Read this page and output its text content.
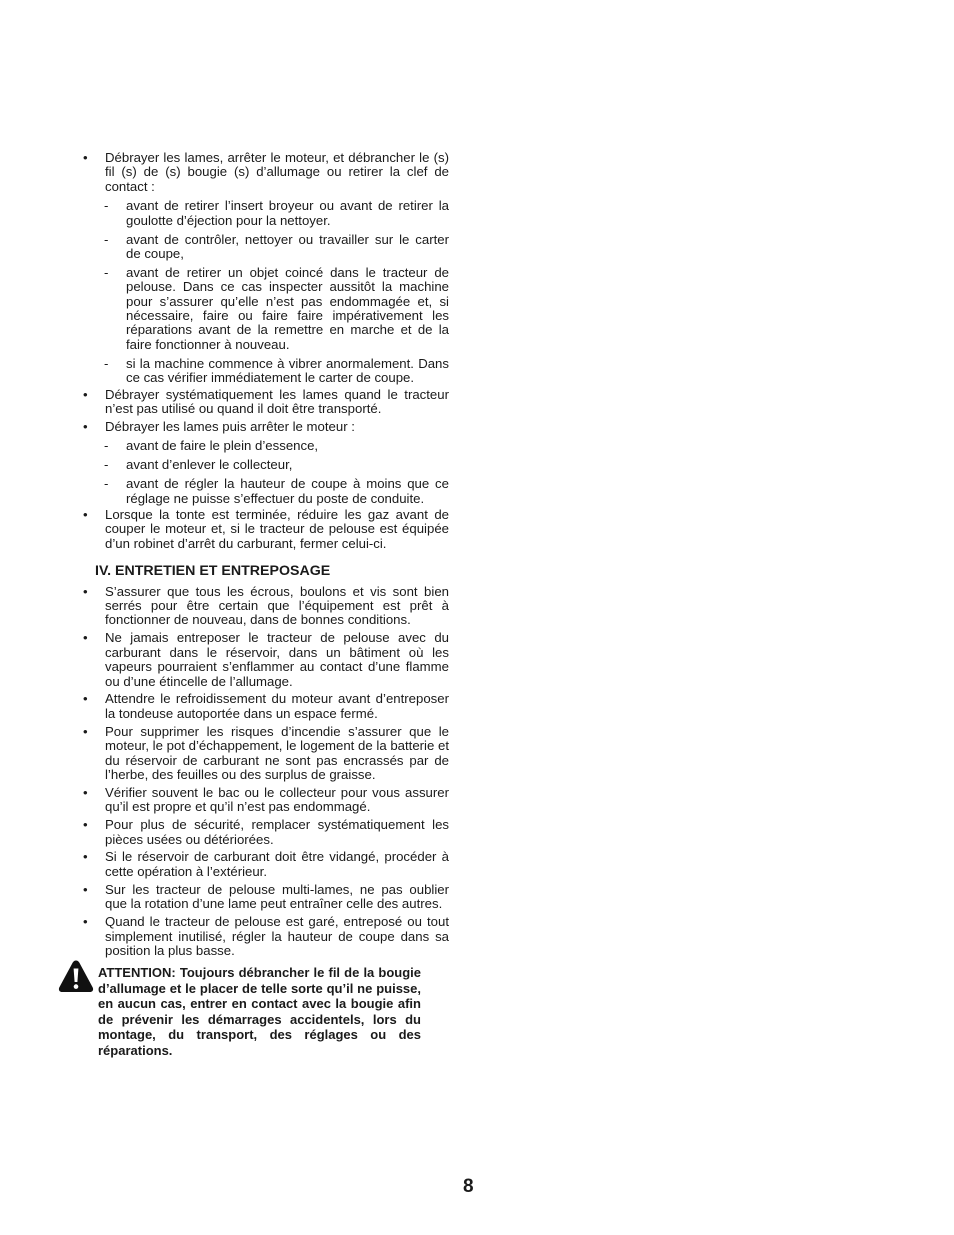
• Débrayer les lames, arrêter le moteur, et débrancher le (s) fil (s) de (s) bougie (s) d’allumage ou retirer la clef de contact :
- avant de retirer l’insert broyeur ou avant de retirer la goulotte d’éjection pour la nettoyer.
- avant de contrôler, nettoyer ou travailler sur le carter de coupe,
- avant de retirer un objet coincé dans le tracteur de pelouse. Dans ce cas inspecter aussitôt la machine pour s’assurer qu’elle n’est pas endommagée et, si nécessaire, faire ou faire faire impérativement les réparations avant de la remettre en marche et de la faire fonctionner à nouveau.
- si la machine commence à vibrer anormalement. Dans ce cas vérifier immédiatement le carter de coupe.
• Débrayer systématiquement les lames quand le tracteur n’est pas utilisé ou quand il doit être transporté.
• Débrayer les lames puis arrêter le moteur :
- avant de faire le plein d’essence,
- avant d’enlever le collecteur,
- avant de régler la hauteur de coupe à moins que ce réglage ne puisse s’effectuer du poste de conduite.
• Lorsque la tonte est terminée, réduire les gaz avant de couper le moteur et, si le tracteur de pelouse est équipée d’un robinet d’arrêt du carburant, fermer celui-ci.
IV. ENTRETIEN ET ENTREPOSAGE
• S’assurer que tous les écrous, boulons et vis sont bien serrés pour être certain que l’équipement est prêt à fonctionner de nouveau, dans de bonnes conditions.
• Ne jamais entreposer le tracteur de pelouse avec du carburant dans le réservoir, dans un bâtiment où les vapeurs pourraient s’enflammer au contact d’une flamme ou d’une étincelle de l’allumage.
• Attendre le refroidissement du moteur avant d’entreposer la tondeuse autoportée dans un espace fermé.
• Pour supprimer les risques d’incendie s’assurer que le moteur, le pot d’échappement, le logement de la batterie et du réservoir de carburant ne sont pas encrassés par de l’herbe, des feuilles ou des surplus de graisse.
• Vérifier souvent le bac ou le collecteur pour vous assurer qu’il est propre et qu’il n’est pas endommagé.
• Pour plus de sécurité, remplacer systématiquement les pièces usées ou détériorées.
• Si le réservoir de carburant doit être vidangé, procéder à cette opération à l’extérieur.
• Sur les tracteur de pelouse multi-lames, ne pas oublier que la rotation d’une lame peut entraîner celle des autres.
• Quand le tracteur de pelouse est garé, entreposé ou tout simplement inutilisé, régler la hauteur de coupe dans sa position la plus basse.
ATTENTION: Toujours débrancher le fil de la bougie d’allumage et le placer de telle sorte qu’il ne puisse, en aucun cas, entrer en contact avec la bougie afin de prévenir les démarrages accidentels, lors du montage, du transport, des réglages ou des réparations.
8
